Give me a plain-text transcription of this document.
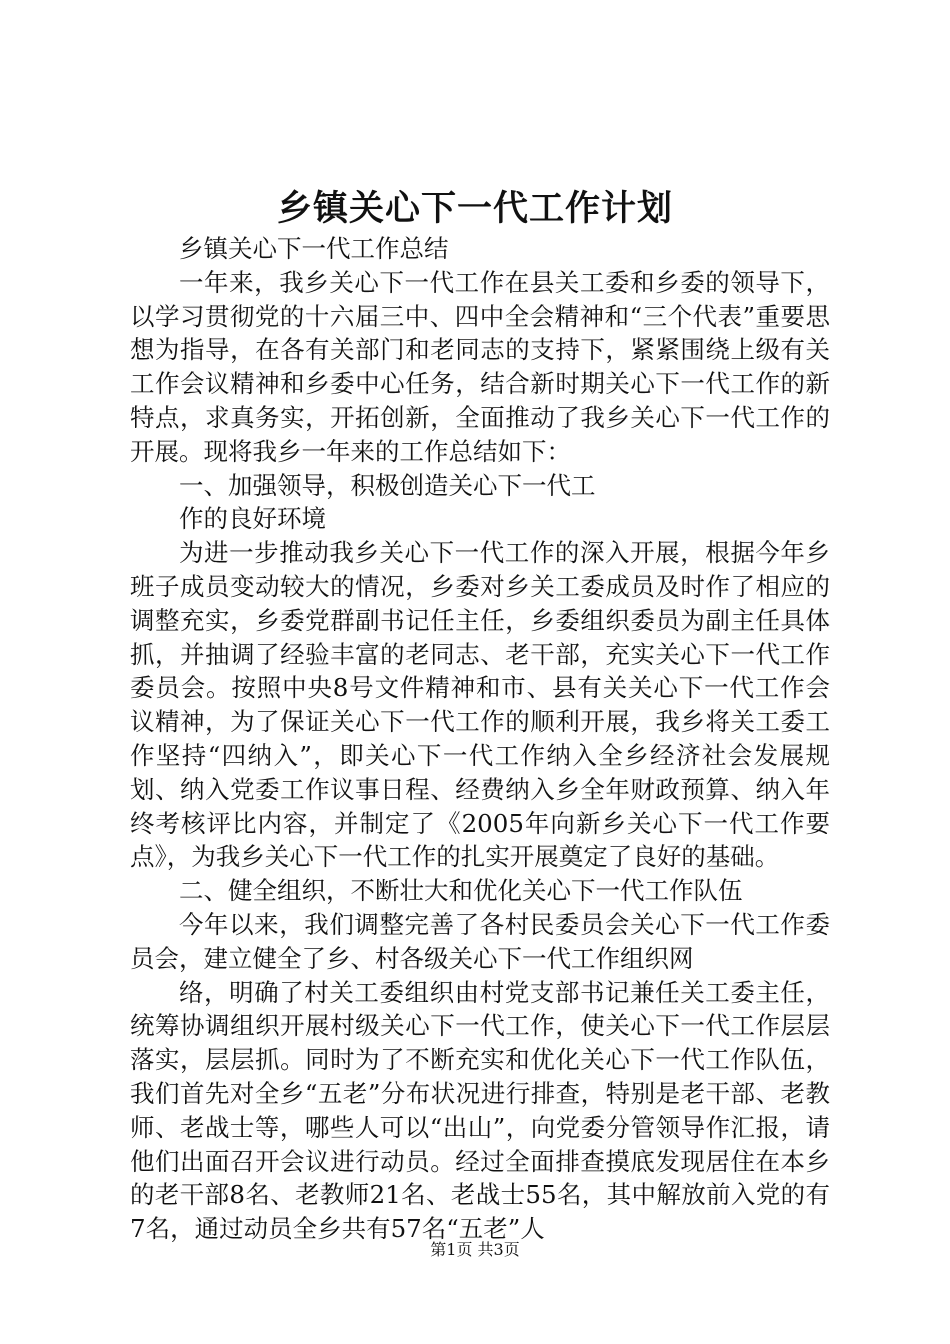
乡镇关心下一代工作计划

乡镇关心下一代工作总结

一年来，我乡关心下一代工作在县关工委和乡委的领导下，以学习贯彻党的十六届三中、四中全会精神和“三个代表”重要思想为指导，在各有关部门和老同志的支持下，紧紧围绕上级有关工作会议精神和乡委中心任务，结合新时期关心下一代工作的新特点，求真务实，开拓创新，全面推动了我乡关心下一代工作的开展。现将我乡一年来的工作总结如下：

一、加强领导，积极创造关心下一代工

作的良好环境

为进一步推动我乡关心下一代工作的深入开展，根据今年乡班子成员变动较大的情况，乡委对乡关工委成员及时作了相应的调整充实，乡委党群副书记任主任，乡委组织委员为副主任具体抓，并抽调了经验丰富的老同志、老干部，充实关心下一代工作委员会。按照中央8号文件精神和市、县有关关心下一代工作会议精神，为了保证关心下一代工作的顺利开展，我乡将关工委工作坚持“四纳入”，即关心下一代工作纳入全乡经济社会发展规划、纳入党委工作议事日程、经费纳入乡全年财政预算、纳入年终考核评比内容，并制定了《2005年向新乡关心下一代工作要点》，为我乡关心下一代工作的扎实开展奠定了良好的基础。

二、健全组织，不断壮大和优化关心下一代工作队伍

今年以来，我们调整完善了各村民委员会关心下一代工作委员会，建立健全了乡、村各级关心下一代工作组织网

络，明确了村关工委组织由村党支部书记兼任关工委主任，统筹协调组织开展村级关心下一代工作，使关心下一代工作层层落实，层层抓。同时为了不断充实和优化关心下一代工作队伍，我们首先对全乡“五老”分布状况进行排查，特别是老干部、老教师、老战士等，哪些人可以“出山”，向党委分管领导作汇报，请他们出面召开会议进行动员。经过全面排查摸底发现居住在本乡的老干部8名、老教师21名、老战士55名，其中解放前入党的有7名，通过动员全乡共有57名“五老”人

第1页 共3页
